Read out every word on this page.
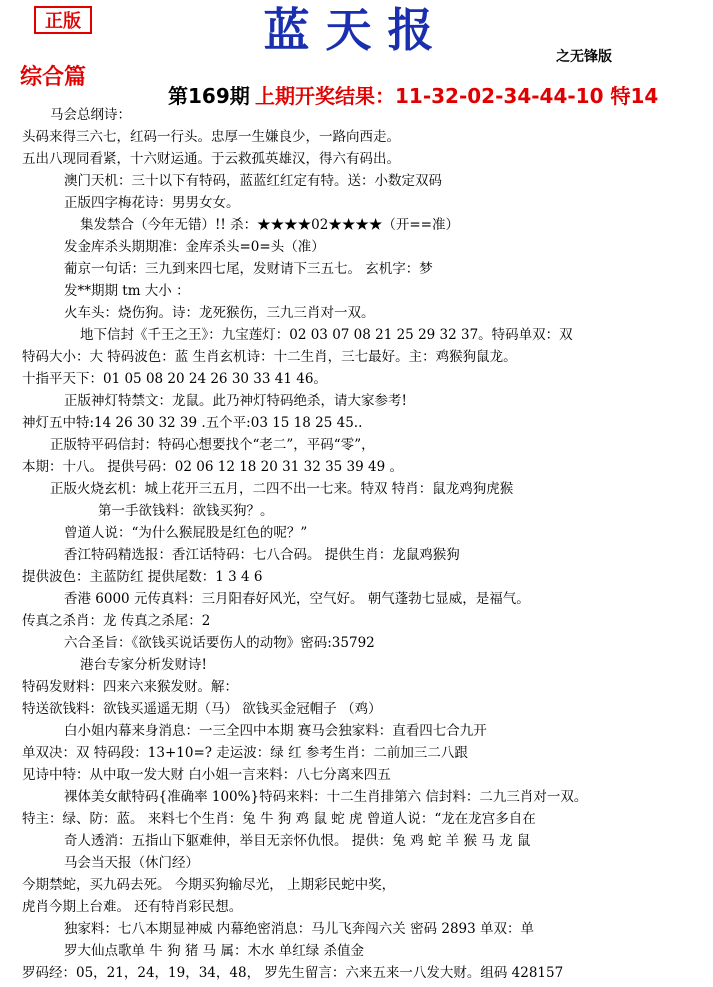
正版	蓝天报	之无锋版
综合篇
第169期 上期开奖结果：11-32-02-34-44-10 特14
马会总纲诗：
头码来得三六七，红码一行头。忠厚一生嫌良少，一路向西走。
五出八现同看紧，十六财运通。于云救孤英雄汉，得六有码出。
澳门天机：三十以下有特码，蓝蓝红红定有特。送：小数定双码
正版四字梅花诗：男男女女。
集发禁合（今年无错）!! 杀：★★★★02★★★★（开==准）
发金库杀头期期准：金库杀头=0=头（准）
葡京一句话：三九到来四七尾，发财请下三五七。 玄机字：梦
发**期期 tm 大小 ：
火车头：烧伤狗。诗：龙死猴伤，三九三肖对一双。
地下信封《千王之王》：九宝莲灯：02 03 07 08 21 25 29 32 37。特码单双：双
特码大小：大 特码波色：蓝 生肖玄机诗：十二生肖，三七最好。主：鸡猴狗鼠龙。
十指平天下：01 05 08 20 24 26 30 33 41 46。
正版神灯特禁文：龙鼠。此乃神灯特码绝杀，请大家参考!
神灯五中特:14 26 30 32 39 .五个平:03 15 18 25 45..
正版特平码信封：特码心想要找个“老二”，平码“零”，
本期：十八。 提供号码：02 06 12 18 20 31 32 35 39 49 。
正版火烧玄机：城上花开三五月，二四不出一七来。特双 特肖：鼠龙鸡狗虎猴
第一手欲钱料：欲钱买狗？。
曾道人说：“为什么猴屁股是红色的呢？”
香江特码精选报：香江话特码：七八合码。 提供生肖：龙鼠鸡猴狗
提供波色：主蓝防红 提供尾数：1 3 4 6
香港 6000 元传真料：三月阳春好风光，空气好。 朝气蓬勃七显威，是福气。
传真之杀肖：龙 传真之杀尾：2
六合圣旨：《欲钱买说话要伤人的动物》密码:35792
港台专家分析发财诗!
特码发财料：四来六来猴发财。解：
特送欲钱料：欲钱买遥遥无期（马） 欲钱买金冠帽子 （鸡）
白小姐内幕来身消息：一三全四中本期 赛马会独家料：直看四七合九开
单双决：双 特码段：13+10=? 走运波：绿 红 参考生肖：二前加三二八跟
见诗中特：从中取一发大财 白小姐一言来料：八七分离来四五
裸体美女献特码{准确率 100%}特码来料：十二生肖排第六 信封料：二九三肖对一双。
特主：绿、防：蓝。 来料七个生肖：兔 牛 狗 鸡 鼠 蛇 虎 曾道人说：“龙在龙宫多自在
奇人透消：五指山下躯难伸，举目无亲怀仇恨。 提供：兔 鸡 蛇 羊 猴 马 龙 鼠
马会当天报（休门经）
今期禁蛇，买九码去死。 今期买狗输尽光， 上期彩民蛇中奖，
虎肖今期上台难。 还有特肖彩民想。
独家料：七八本期显神威 内幕绝密消息：马儿飞奔闯六关 密码 2893 单双：单
罗大仙点歌单 牛 狗 猪 马 属：木水 单红绿 杀值金
罗码经：05，21，24，19，34，48， 罗先生留言：六来五来一八发大财。组码 428157
